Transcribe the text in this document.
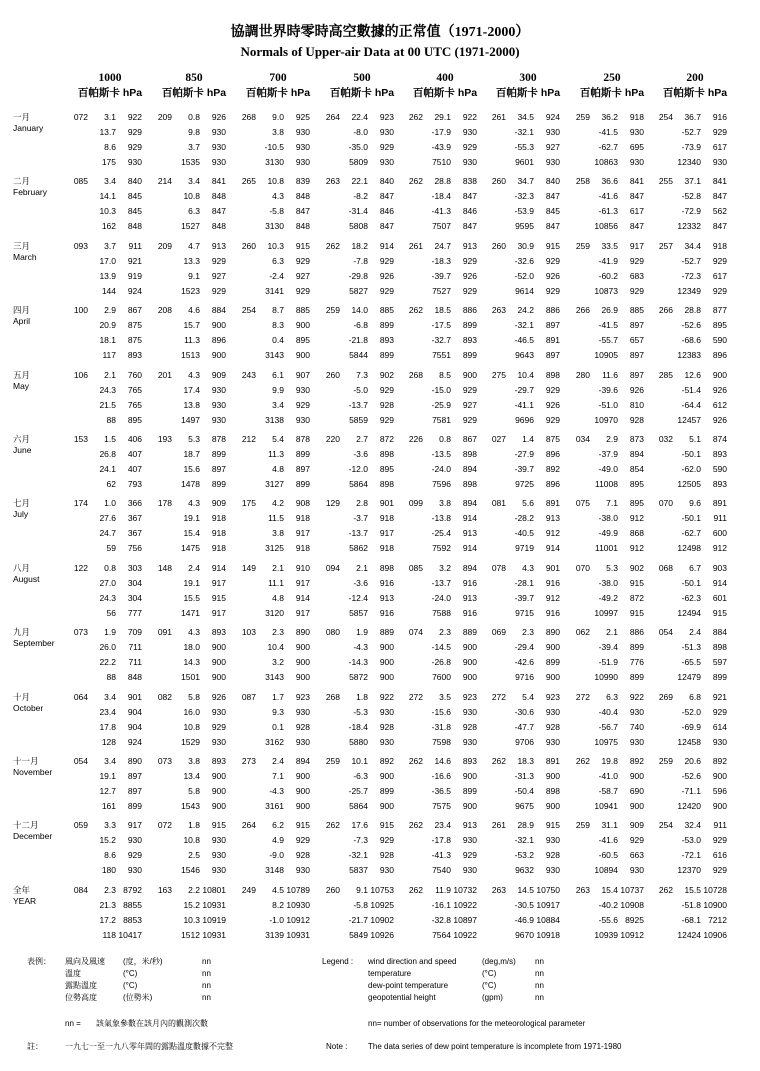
協調世界時零時高空數據的正常值（1971-2000）
Normals of Upper-air Data at 00 UTC (1971-2000)
1000
百帕斯卡 hPa
850
百帕斯卡 hPa
700
百帕斯卡 hPa
500
百帕斯卡 hPa
400
百帕斯卡 hPa
300
百帕斯卡 hPa
250
百帕斯卡 hPa
200
百帕斯卡 hPa
一月
January
072	3.1	922	209	0.8	926	268	9.0	925	264	22.4	923	262	29.1	922	261	34.5	924	259	36.2	918	254	36.7	916
13.7	929	9.8	930	3.8	930	-8.0	930	-17.9	930	-32.1	930	-41.5	930	-52.7	929
8.6	929	3.7	930	-10.5	930	-35.0	929	-43.9	929	-55.3	927	-62.7	695	-73.9	617
175	930	1535	930	3130	930	5809	930	7510	930	9601	930	10863	930	12340	930
二月
February
085	3.4	840	214	3.4	841	265	10.8	839	263	22.1	840	262	28.8	838	260	34.7	840	258	36.6	841	255	37.1	841
14.1	845	10.8	848	4.3	848	-8.2	847	-18.4	847	-32.3	847	-41.6	847	-52.8	847
10.3	845	6.3	847	-5.8	847	-31.4	846	-41.3	846	-53.9	845	-61.3	617	-72.9	562
162	848	1527	848	3130	848	5808	847	7507	847	9595	847	10856	847	12332	847
三月
March
093	3.7	911	209	4.7	913	260	10.3	915	262	18.2	914	261	24.7	913	260	30.9	915	259	33.5	917	257	34.4	918
17.0	921	13.3	929	6.3	929	-7.8	929	-18.3	929	-32.6	929	-41.9	929	-52.7	929
13.9	919	9.1	927	-2.4	927	-29.8	926	-39.7	926	-52.0	926	-60.2	683	-72.3	617
144	924	1523	929	3141	929	5827	929	7527	929	9614	929	10873	929	12349	929
四月
April
100	2.9	867	208	4.6	884	254	8.7	885	259	14.0	885	262	18.5	886	263	24.2	886	266	26.9	885	266	28.8	877
20.9	875	15.7	900	8.3	900	-6.8	899	-17.5	899	-32.1	897	-41.5	897	-52.6	895
18.1	875	11.3	896	0.4	895	-21.8	893	-32.7	893	-46.5	891	-55.7	657	-68.6	590
117	893	1513	900	3143	900	5844	899	7551	899	9643	897	10905	897	12383	896
五月
May
106	2.1	760	201	4.3	909	243	6.1	907	260	7.3	902	268	8.5	900	275	10.4	898	280	11.6	897	285	12.6	900
24.3	765	17.4	930	9.9	930	-5.0	929	-15.0	929	-29.7	929	-39.6	926	-51.4	926
21.5	765	13.8	930	3.4	929	-13.7	928	-25.9	927	-41.1	926	-51.0	810	-64.4	612
88	895	1497	930	3138	930	5859	929	7581	929	9696	929	10970	928	12457	926
六月
June
153	1.5	406	193	5.3	878	212	5.4	878	220	2.7	872	226	0.8	867	027	1.4	875	034	2.9	873	032	5.1	874
26.8	407	18.7	899	11.3	899	-3.6	898	-13.5	898	-27.9	896	-37.9	894	-50.1	893
24.1	407	15.6	897	4.8	897	-12.0	895	-24.0	894	-39.7	892	-49.0	854	-62.0	590
62	793	1478	899	3127	899	5864	898	7596	898	9725	896	11008	895	12505	893
七月
July
174	1.0	366	178	4.3	909	175	4.2	908	129	2.8	901	099	3.8	894	081	5.6	891	075	7.1	895	070	9.6	891
27.6	367	19.1	918	11.5	918	-3.7	918	-13.8	914	-28.2	913	-38.0	912	-50.1	911
24.7	367	15.4	918	3.8	917	-13.7	917	-25.4	913	-40.5	912	-49.9	868	-62.7	600
59	756	1475	918	3125	918	5862	918	7592	914	9719	914	11001	912	12498	912
八月
August
122	0.8	303	148	2.4	914	149	2.1	910	094	2.1	898	085	3.2	894	078	4.3	901	070	5.3	902	068	6.7	903
27.0	304	19.1	917	11.1	917	-3.6	916	-13.7	916	-28.1	916	-38.0	915	-50.1	914
24.3	304	15.5	915	4.8	914	-12.4	913	-24.0	913	-39.7	912	-49.2	872	-62.3	601
56	777	1471	917	3120	917	5857	916	7588	916	9715	916	10997	915	12494	915
九月
September
073	1.9	709	091	4.3	893	103	2.3	890	080	1.9	889	074	2.3	889	069	2.3	890	062	2.1	886	054	2.4	884
26.0	711	18.0	900	10.4	900	-4.3	900	-14.5	900	-29.4	900	-39.4	899	-51.3	898
22.2	711	14.3	900	3.2	900	-14.3	900	-26.8	900	-42.6	899	-51.9	776	-65.5	597
88	848	1501	900	3143	900	5872	900	7600	900	9716	900	10990	899	12479	899
十月
October
064	3.4	901	082	5.8	926	087	1.7	923	268	1.8	922	272	3.5	923	272	5.4	923	272	6.3	922	269	6.8	921
23.4	904	16.0	930	9.3	930	-5.3	930	-15.6	930	-30.6	930	-40.4	930	-52.0	929
17.8	904	10.8	929	0.1	928	-18.4	928	-31.8	928	-47.7	928	-56.7	740	-69.9	614
128	924	1529	930	3162	930	5880	930	7598	930	9706	930	10975	930	12458	930
十一月
November
054	3.4	890	073	3.8	893	273	2.4	894	259	10.1	892	262	14.6	893	262	18.3	891	262	19.8	892	259	20.6	892
19.1	897	13.4	900	7.1	900	-6.3	900	-16.6	900	-31.3	900	-41.0	900	-52.6	900
12.7	897	5.8	900	-4.3	900	-25.7	899	-36.5	899	-50.4	898	-58.7	690	-71.1	596
161	899	1543	900	3161	900	5864	900	7575	900	9675	900	10941	900	12420	900
十二月
December
059	3.3	917	072	1.8	915	264	6.2	915	262	17.6	915	262	23.4	913	261	28.9	915	259	31.1	909	254	32.4	911
15.2	930	10.8	930	4.9	929	-7.3	929	-17.8	930	-32.1	930	-41.6	929	-53.0	929
8.6	929	2.5	930	-9.0	928	-32.1	928	-41.3	929	-53.2	928	-60.5	663	-72.1	616
180	930	1546	930	3148	930	5837	930	7540	930	9632	930	10894	930	12370	929
全年
YEAR
084	2.3 8792	163	2.2 10801	249	4.5 10789	260	9.1 10753	262	11.9 10732	263	14.5 10750	263	15.4 10737	262	15.5 10728
21.3 8855	15.2 10931	8.2 10930	-5.8 10925	-16.1 10922	-30.5 10917	-40.2 10908	-51.8 10900
17.2 8853	10.3 10919	-1.0 10912	-21.7 10902	-32.8 10897	-46.9 10884	-55.6 8925	-68.1 7212
118 10417	1512 10931	3139 10931	5849 10926	7564 10922	9670 10918	10939 10912	12424 10906
表例： 風向及風速 (度，米/秒)	nn
溫度	(°C)	nn
露點溫度	(°C)	nn
位勢高度	(位勢米)	nn
Legend : wind direction and speed	(deg,m/s) nn
temperature	(°C)	nn
dew-point temperature	(°C)	nn
geopotential height	(gpm)	nn
nn = 該氣象參數在該月內的觀測次數	nn= number of observations for the meteorological parameter
註：	一九七一至一九八零年間的露點溫度數據不完整	Note :	The data series of dew point temperature is incomplete from 1971-1980
